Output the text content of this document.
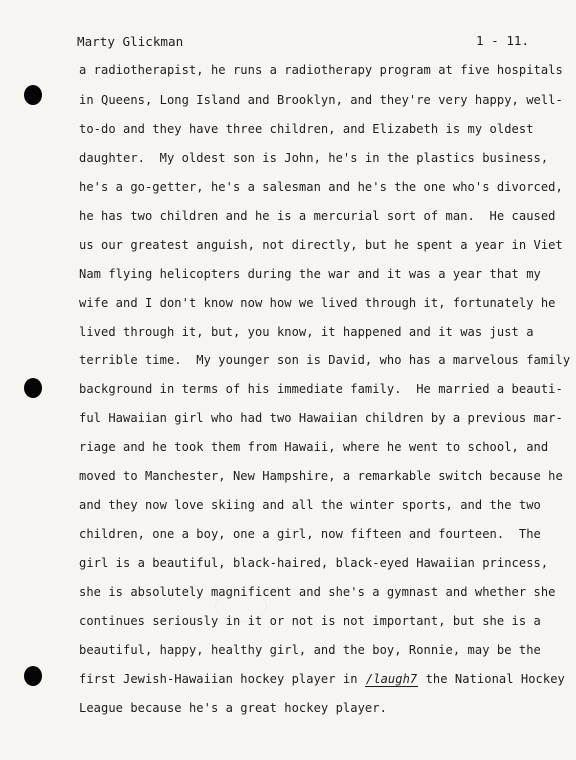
Marty Glickman	1 - 11.
a radiotherapist, he runs a radiotherapy program at five hospitals
in Queens, Long Island and Brooklyn, and they're very happy, well-
to-do and they have three children, and Elizabeth is my oldest
daughter.  My oldest son is John, he's in the plastics business,
he's a go-getter, he's a salesman and he's the one who's divorced,
he has two children and he is a mercurial sort of man.  He caused
us our greatest anguish, not directly, but he spent a year in Viet
Nam flying helicopters during the war and it was a year that my
wife and I don't know now how we lived through it, fortunately he
lived through it, but, you know, it happened and it was just a
terrible time.  My younger son is David, who has a marvelous family
background in terms of his immediate family.  He married a beauti-
ful Hawaiian girl who had two Hawaiian children by a previous mar-
riage and he took them from Hawaii, where he went to school, and
moved to Manchester, New Hampshire, a remarkable switch because he
and they now love skiing and all the winter sports, and the two
children, one a boy, one a girl, now fifteen and fourteen.  The
girl is a beautiful, black-haired, black-eyed Hawaiian princess,
she is absolutely magnificent and she's a gymnast and whether she
continues seriously in it or not is not important, but she is a
beautiful, happy, healthy girl, and the boy, Ronnie, may be the
first Jewish-Hawaiian hockey player in /laugh7 the National Hockey
League because he's a great hockey player.
